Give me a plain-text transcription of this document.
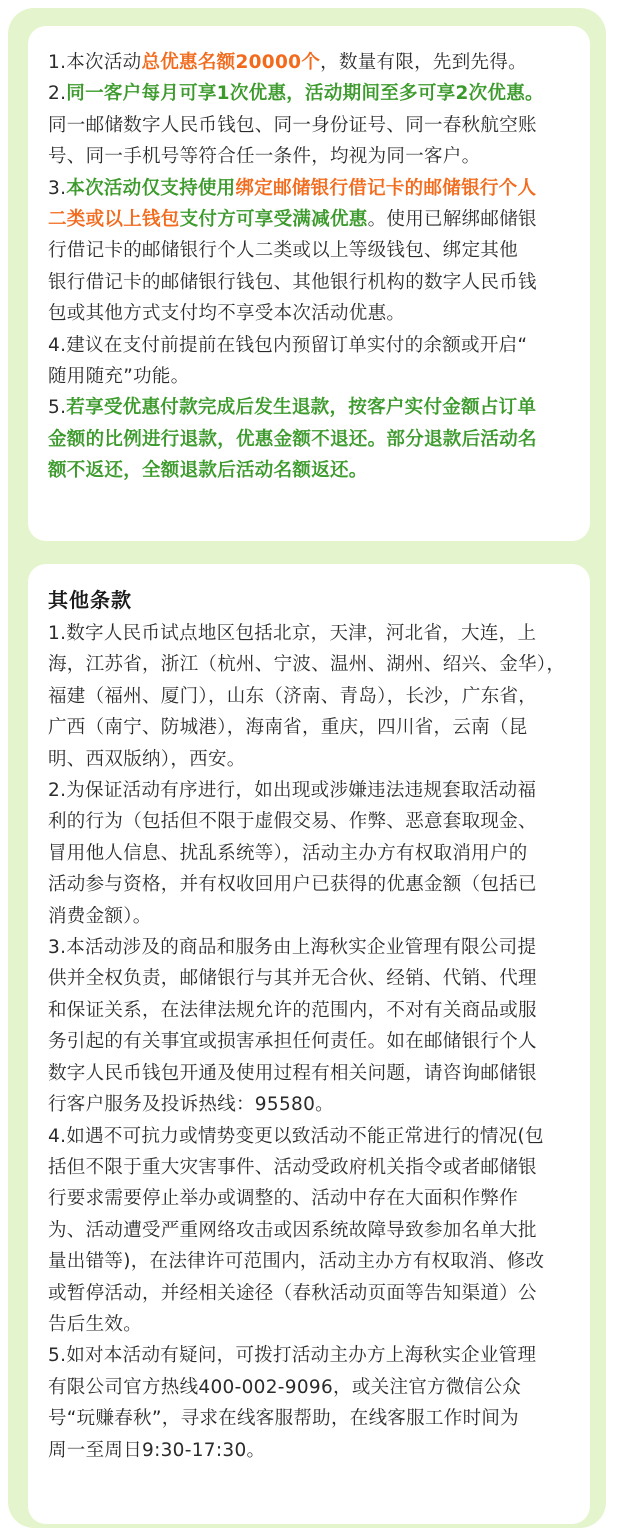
1.本次活动总优惠名额20000个，数量有限，先到先得。
2.同一客户每月可享1次优惠，活动期间至多可享2次优惠。
同一邮储数字人民币钱包、同一身份证号、同一春秋航空账
号、同一手机号等符合任一条件，均视为同一客户。
3.本次活动仅支持使用绑定邮储银行借记卡的邮储银行个人
二类或以上钱包支付方可享受满减优惠。使用已解绑邮储银
行借记卡的邮储银行个人二类或以上等级钱包、绑定其他
银行借记卡的邮储银行钱包、其他银行机构的数字人民币钱
包或其他方式支付均不享受本次活动优惠。
4.建议在支付前提前在钱包内预留订单实付的余额或开启“
随用随充”功能。
5.若享受优惠付款完成后发生退款，按客户实付金额占订单
金额的比例进行退款，优惠金额不退还。部分退款后活动名
额不返还，全额退款后活动名额返还。
其他条款
1.数字人民币试点地区包括北京，天津，河北省，大连，上
海，江苏省，浙江（杭州、宁波、温州、湖州、绍兴、金华），
福建（福州、厦门），山东（济南、青岛），长沙，广东省，
广西（南宁、防城港），海南省，重庆，四川省，云南（昆
明、西双版纳），西安。
2.为保证活动有序进行，如出现或涉嫌违法违规套取活动福
利的行为（包括但不限于虚假交易、作弊、恶意套取现金、
冒用他人信息、扰乱系统等），活动主办方有权取消用户的
活动参与资格，并有权收回用户已获得的优惠金额（包括已
消费金额）。
3.本活动涉及的商品和服务由上海秋实企业管理有限公司提
供并全权负责，邮储银行与其并无合伙、经销、代销、代理
和保证关系，在法律法规允许的范围内，不对有关商品或服
务引起的有关事宜或损害承担任何责任。如在邮储银行个人
数字人民币钱包开通及使用过程有相关问题，请咨询邮储银
行客户服务及投诉热线：95580。
4.如遇不可抗力或情势变更以致活动不能正常进行的情况(包
括但不限于重大灾害事件、活动受政府机关指令或者邮储银
行要求需要停止举办或调整的、活动中存在大面积作弊作
为、活动遭受严重网络攻击或因系统故障导致参加名单大批
量出错等)，在法律许可范围内，活动主办方有权取消、修改
或暂停活动，并经相关途径（春秋活动页面等告知渠道）公
告后生效。
5.如对本活动有疑问，可拨打活动主办方上海秋实企业管理
有限公司官方热线400-002-9096，或关注官方微信公众
号“玩赚春秋”，寻求在线客服帮助，在线客服工作时间为
周一至周日9:30-17:30。
